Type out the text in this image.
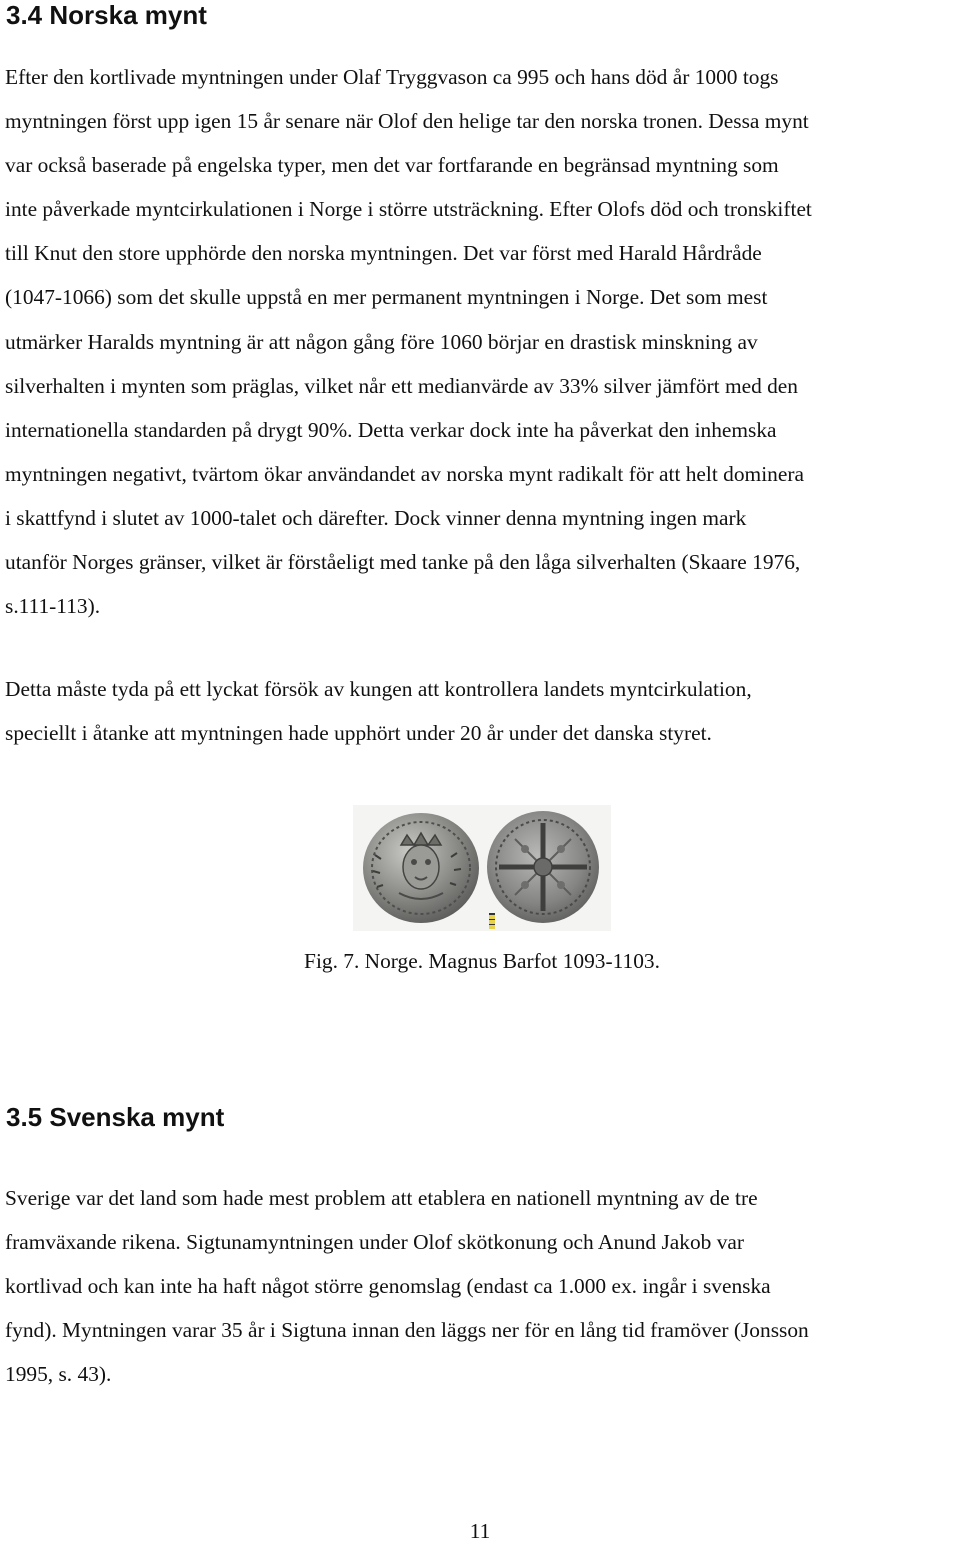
3.4 Norska mynt
Efter den kortlivade myntningen under Olaf Tryggvason ca 995 och hans död år 1000 togs
myntningen först upp igen 15 år senare när Olof den helige tar den norska tronen. Dessa mynt
var också baserade på engelska typer, men det var fortfarande en begränsad myntning som
inte påverkade myntcirkulationen i Norge i större utsträckning. Efter Olofs död och tronskiftet
till Knut den store upphörde den norska myntningen. Det var först med Harald Hårdråde
(1047-1066) som det skulle uppstå en mer permanent myntningen i Norge. Det som mest
utmärker Haralds myntning är att någon gång före 1060 börjar en drastisk minskning av
silverhalten i mynten som präglas, vilket når ett medianvärde av 33% silver jämfört med den
internationella standarden på drygt 90%. Detta verkar dock inte ha påverkat den inhemska
myntningen negativt, tvärtom ökar användandet av norska mynt radikalt för att helt dominera
i skattfynd i slutet av 1000-talet och därefter. Dock vinner denna myntning ingen mark
utanför Norges gränser, vilket är förståeligt med tanke på den låga silverhalten (Skaare 1976,
s.111-113).
Detta måste tyda på ett lyckat försök av kungen att kontrollera landets myntcirkulation,
speciellt i åtanke att myntningen hade upphört under 20 år under det danska styret.

Fig. 7. Norge. Magnus Barfot 1093-1103.

3.5 Svenska mynt
Sverige var det land som hade mest problem att etablera en nationell myntning av de tre
framväxande rikena. Sigtunamyntningen under Olof skötkonung och Anund Jakob var
kortlivad och kan inte ha haft något större genomslag (endast ca 1.000 ex. ingår i svenska
fynd). Myntningen varar 35 år i Sigtuna innan den läggs ner för en lång tid framöver (Jonsson
1995, s. 43).
11
